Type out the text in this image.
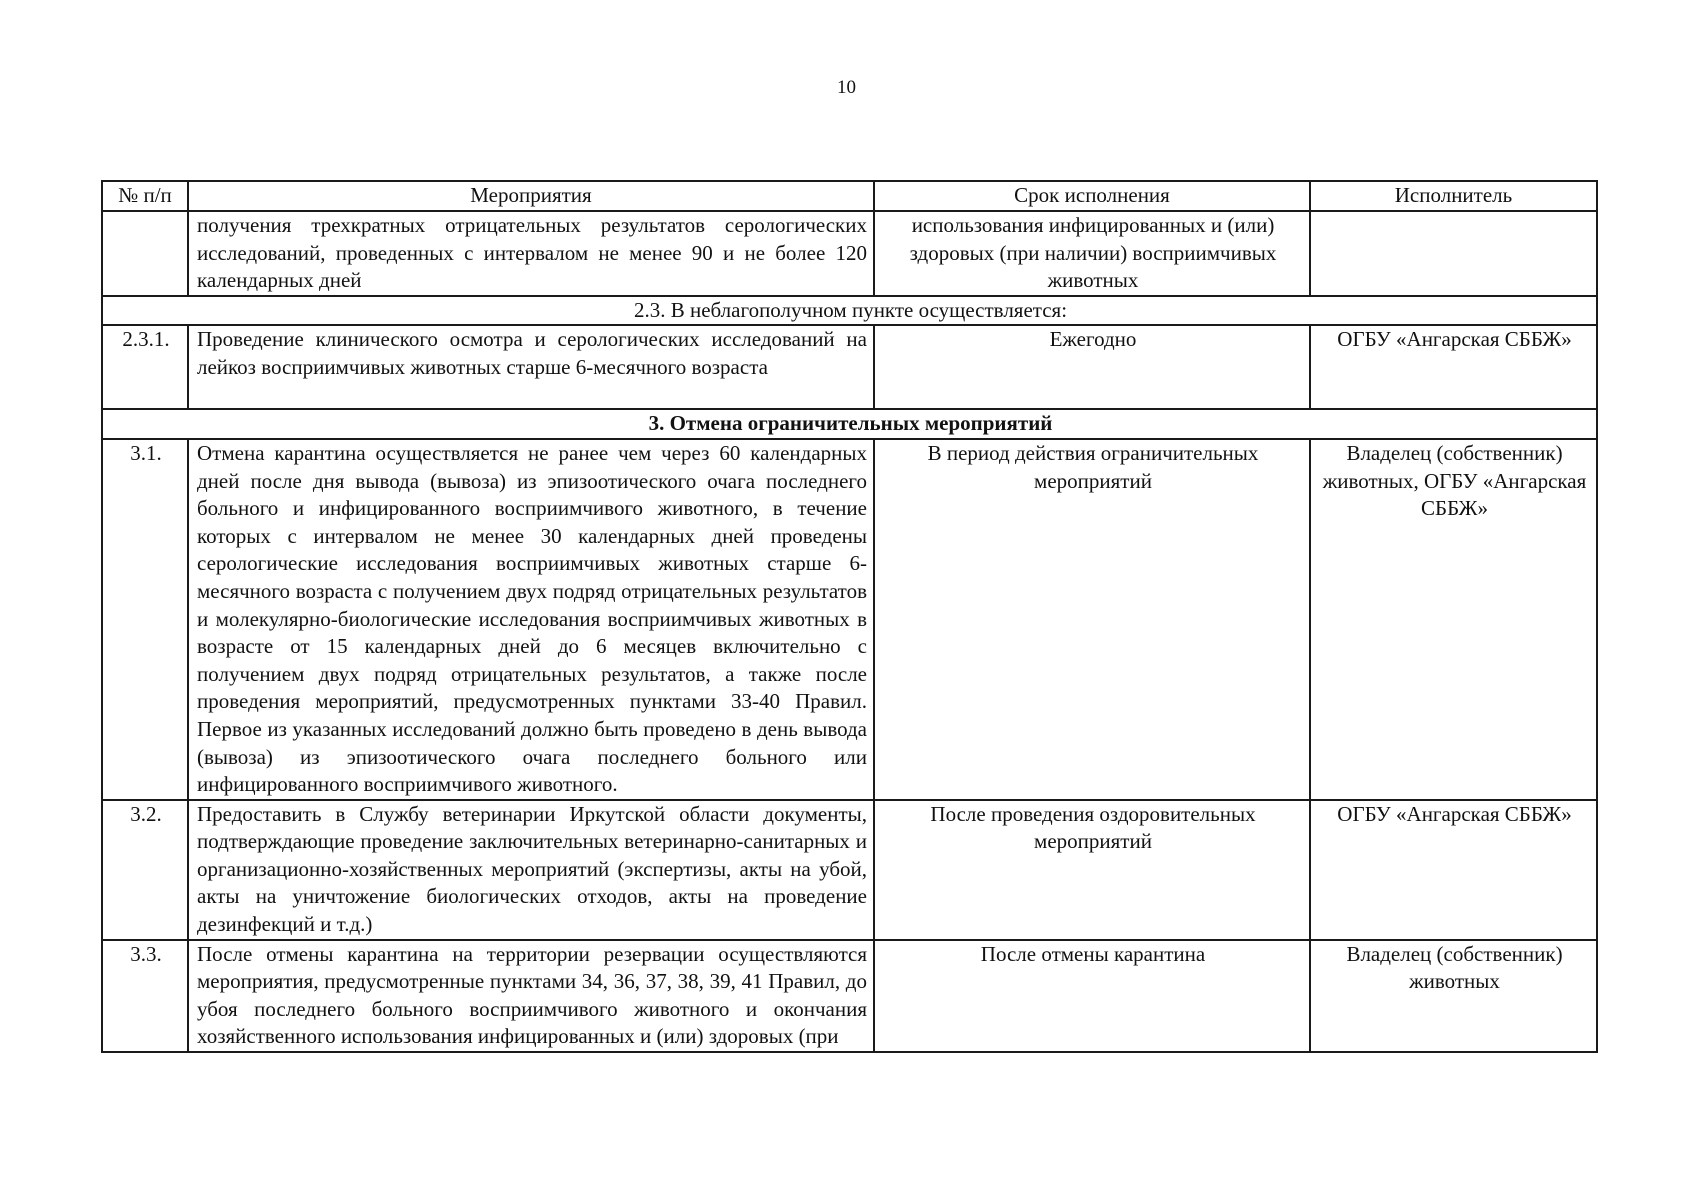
10
№ п/п	Мероприятия	Срок исполнения	Исполнитель
	получения трехкратных отрицательных результатов серологических исследований, проведенных с интервалом не менее 90 и не более 120 календарных дней	использования инфицированных и (или) здоровых (при наличии) восприимчивых животных	
2.3. В неблагополучном пункте осуществляется:			
2.3.1.	Проведение клинического осмотра и серологических исследований на лейкоз восприимчивых животных старше 6-месячного возраста	Ежегодно	ОГБУ «Ангарская СББЖ»
3. Отмена ограничительных мероприятий			
3.1.	Отмена карантина осуществляется не ранее чем через 60 календарных дней после дня вывода (вывоза) из эпизоотического очага последнего больного и инфицированного восприимчивого животного, в течение которых с интервалом не менее 30 календарных дней проведены серологические исследования восприимчивых животных старше 6-месячного возраста с получением двух подряд отрицательных результатов и молекулярно-биологические исследования восприимчивых животных в возрасте от 15 календарных дней до 6 месяцев включительно с получением двух подряд отрицательных результатов, а также после проведения мероприятий, предусмотренных пунктами 33-40 Правил. Первое из указанных исследований должно быть проведено в день вывода (вывоза) из эпизоотического очага последнего больного или инфицированного восприимчивого животного.	В период действия ограничительных мероприятий	Владелец (собственник) животных, ОГБУ «Ангарская СББЖ»
3.2.	Предоставить в Службу ветеринарии Иркутской области документы, подтверждающие проведение заключительных ветеринарно-санитарных и организационно-хозяйственных мероприятий (экспертизы, акты на убой, акты на уничтожение биологических отходов, акты на проведение дезинфекций и т.д.)	После проведения оздоровительных мероприятий	ОГБУ «Ангарская СББЖ»
3.3.	После отмены карантина на территории резервации осуществляются мероприятия, предусмотренные пунктами 34, 36, 37, 38, 39, 41 Правил, до убоя последнего больного восприимчивого животного и окончания хозяйственного использования инфицированных и (или) здоровых (при	После отмены карантина	Владелец (собственник) животных
